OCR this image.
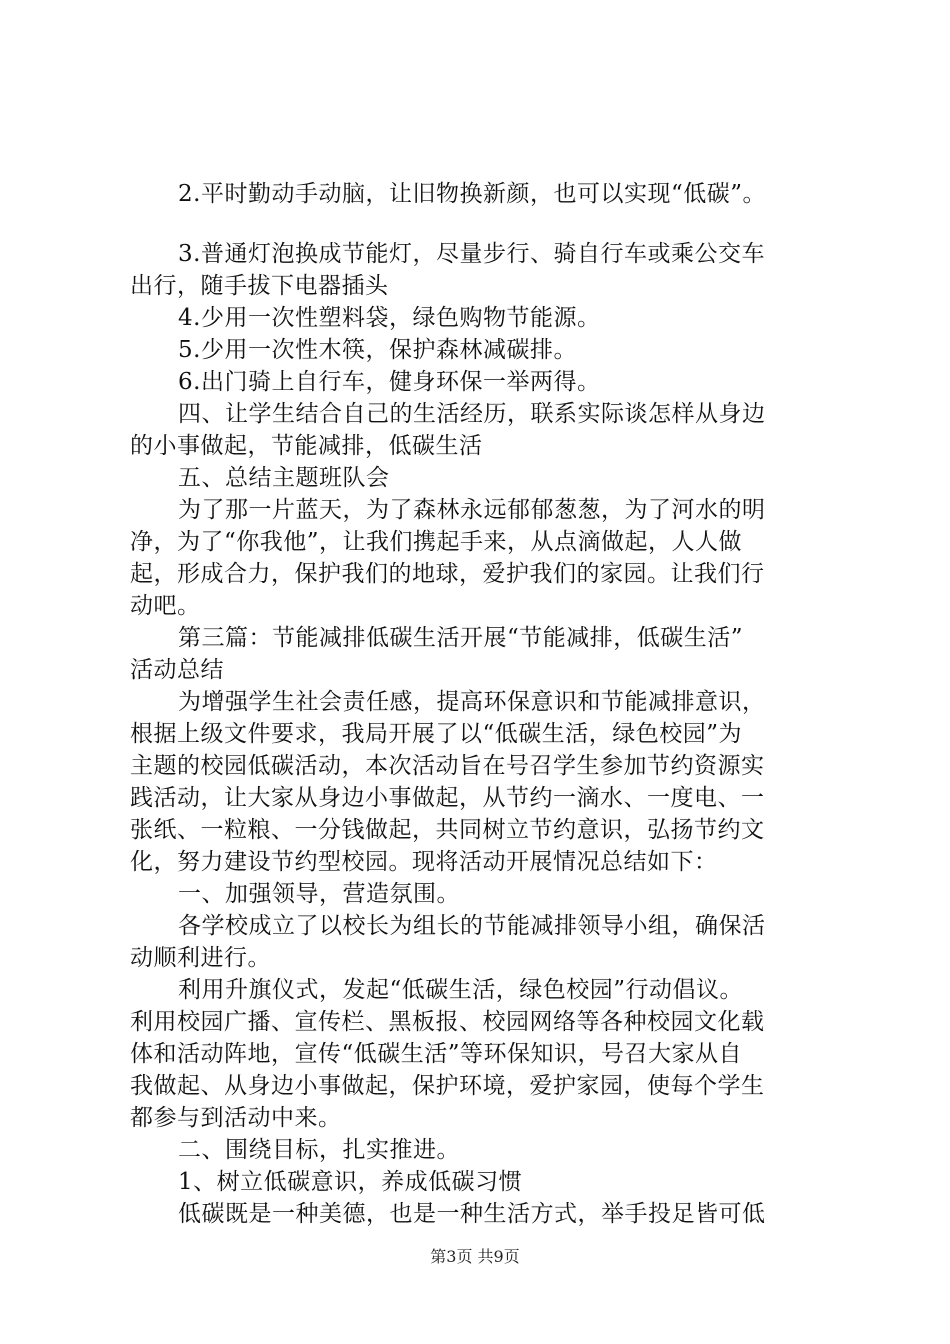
2.平时勤动手动脑，让旧物换新颜，也可以实现“低碳”。
3.普通灯泡换成节能灯，尽量步行、骑自行车或乘公交车
出行，随手拔下电器插头
4.少用一次性塑料袋，绿色购物节能源。
5.少用一次性木筷，保护森林减碳排。
6.出门骑上自行车，健身环保一举两得。
四、让学生结合自己的生活经历，联系实际谈怎样从身边
的小事做起，节能减排，低碳生活
五、总结主题班队会
为了那一片蓝天，为了森林永远郁郁葱葱，为了河水的明
净，为了“你我他”，让我们携起手来，从点滴做起，人人做
起，形成合力，保护我们的地球，爱护我们的家园。让我们行
动吧。
第三篇：节能减排低碳生活开展“节能减排，低碳生活”
活动总结
为增强学生社会责任感，提高环保意识和节能减排意识，
根据上级文件要求，我局开展了以“低碳生活，绿色校园”为
主题的校园低碳活动，本次活动旨在号召学生参加节约资源实
践活动，让大家从身边小事做起，从节约一滴水、一度电、一
张纸、一粒粮、一分钱做起，共同树立节约意识，弘扬节约文
化，努力建设节约型校园。现将活动开展情况总结如下：
一、加强领导，营造氛围。
各学校成立了以校长为组长的节能减排领导小组，确保活
动顺利进行。
利用升旗仪式，发起“低碳生活，绿色校园”行动倡议。
利用校园广播、宣传栏、黑板报、校园网络等各种校园文化载
体和活动阵地，宣传“低碳生活”等环保知识，号召大家从自
我做起、从身边小事做起，保护环境，爱护家园，使每个学生
都参与到活动中来。
二、围绕目标，扎实推进。
1、树立低碳意识，养成低碳习惯
低碳既是一种美德，也是一种生活方式，举手投足皆可低
第3页 共9页
